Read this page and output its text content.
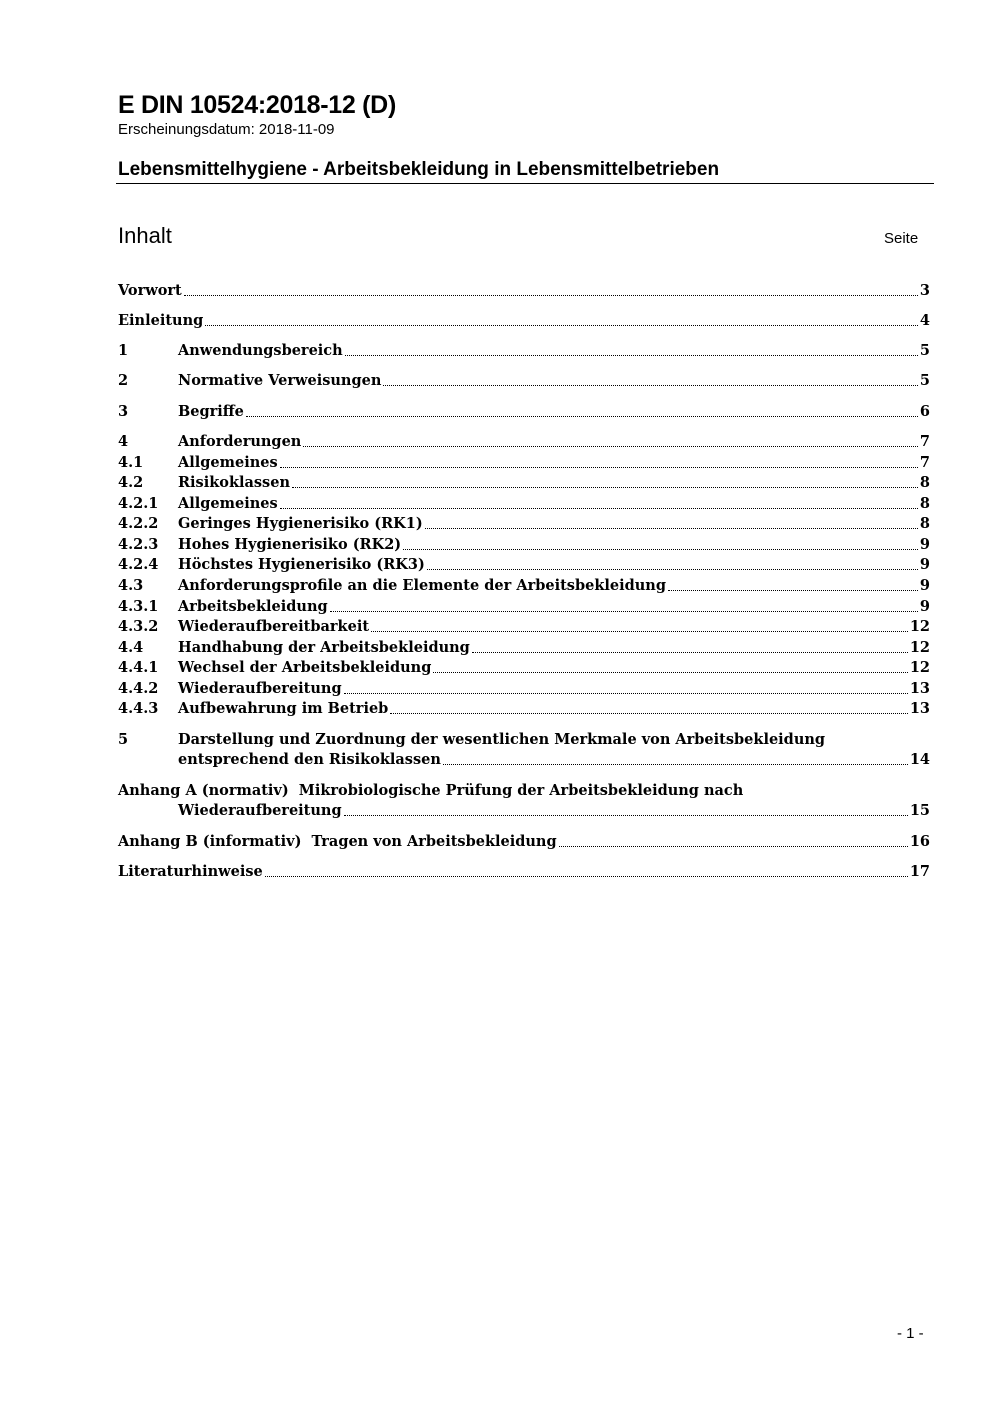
E DIN 10524:2018-12 (D)
Erscheinungsdatum: 2018-11-09
Lebensmittelhygiene - Arbeitsbekleidung in Lebensmittelbetrieben
Inhalt	Seite
Vorwort	3
Einleitung	4
1	Anwendungsbereich	5
2	Normative Verweisungen	5
3	Begriffe	6
4	Anforderungen	7
4.1	Allgemeines	7
4.2	Risikoklassen	8
4.2.1	Allgemeines	8
4.2.2	Geringes Hygienerisiko (RK1)	8
4.2.3	Hohes Hygienerisiko (RK2)	9
4.2.4	Höchstes Hygienerisiko (RK3)	9
4.3	Anforderungsprofile an die Elemente der Arbeitsbekleidung	9
4.3.1	Arbeitsbekleidung	9
4.3.2	Wiederaufbereitbarkeit	12
4.4	Handhabung der Arbeitsbekleidung	12
4.4.1	Wechsel der Arbeitsbekleidung	12
4.4.2	Wiederaufbereitung	13
4.4.3	Aufbewahrung im Betrieb	13
5	Darstellung und Zuordnung der wesentlichen Merkmale von Arbeitsbekleidung
entsprechend den Risikoklassen	14
Anhang A (normativ)  Mikrobiologische Prüfung der Arbeitsbekleidung nach
Wiederaufbereitung	15
Anhang B (informativ)  Tragen von Arbeitsbekleidung	16
Literaturhinweise	17
- 1 -
